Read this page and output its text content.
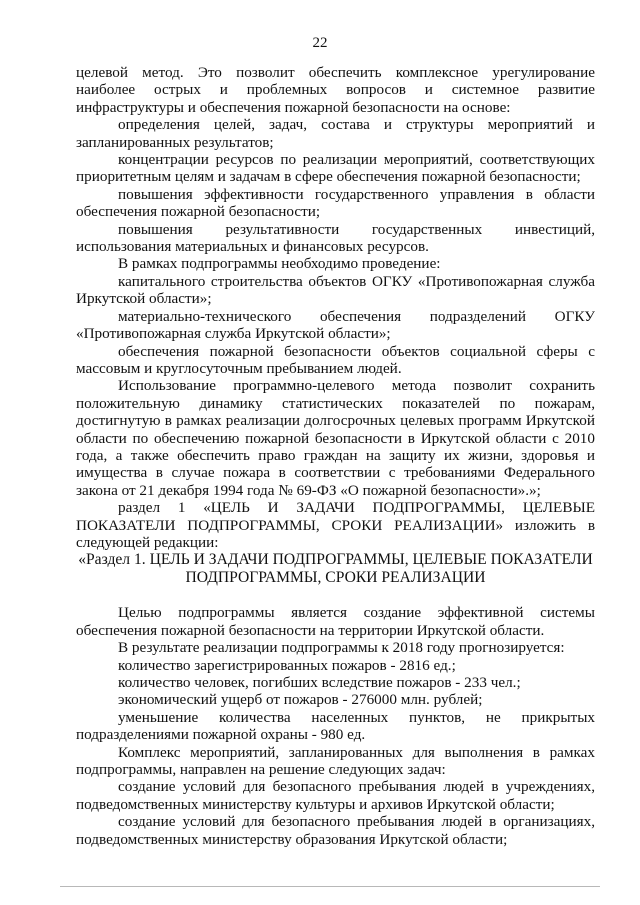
22

целевой метод. Это позволит обеспечить комплексное урегулирование наиболее острых и проблемных вопросов и системное развитие инфраструктуры и обеспечения пожарной безопасности на основе:

определения целей, задач, состава и структуры мероприятий и запланированных результатов;

концентрации ресурсов по реализации мероприятий, соответствующих приоритетным целям и задачам в сфере обеспечения пожарной безопасности;

повышения эффективности государственного управления в области обеспечения пожарной безопасности;

повышения результативности государственных инвестиций, использования материальных и финансовых ресурсов.

В рамках подпрограммы необходимо проведение:

капитального строительства объектов ОГКУ «Противопожарная служба Иркутской области»;

материально-технического обеспечения подразделений ОГКУ «Противопожарная служба Иркутской области»;

обеспечения пожарной безопасности объектов социальной сферы с массовым и круглосуточным пребыванием людей.

Использование программно-целевого метода позволит сохранить положительную динамику статистических показателей по пожарам, достигнутую в рамках реализации долгосрочных целевых программ Иркутской области по обеспечению пожарной безопасности в Иркутской области с 2010 года, а также обеспечить право граждан на защиту их жизни, здоровья и имущества в случае пожара в соответствии с требованиями Федерального закона от 21 декабря 1994 года № 69-ФЗ «О пожарной безопасности».»;

раздел 1 «ЦЕЛЬ И ЗАДАЧИ ПОДПРОГРАММЫ, ЦЕЛЕВЫЕ ПОКАЗАТЕЛИ ПОДПРОГРАММЫ, СРОКИ РЕАЛИЗАЦИИ» изложить в следующей редакции:

«Раздел 1. ЦЕЛЬ И ЗАДАЧИ ПОДПРОГРАММЫ, ЦЕЛЕВЫЕ ПОКАЗАТЕЛИ ПОДПРОГРАММЫ, СРОКИ РЕАЛИЗАЦИИ

Целью подпрограммы является создание эффективной системы обеспечения пожарной безопасности на территории Иркутской области.

В результате реализации подпрограммы к 2018 году прогнозируется:

количество зарегистрированных пожаров - 2816 ед.;

количество человек, погибших вследствие пожаров - 233 чел.;

экономический ущерб от пожаров - 276000 млн. рублей;

уменьшение количества населенных пунктов, не прикрытых подразделениями пожарной охраны - 980 ед.

Комплекс мероприятий, запланированных для выполнения в рамках подпрограммы, направлен на решение следующих задач:

создание условий для безопасного пребывания людей в учреждениях, подведомственных министерству культуры и архивов Иркутской области;

создание условий для безопасного пребывания людей в организациях, подведомственных министерству образования Иркутской области;
